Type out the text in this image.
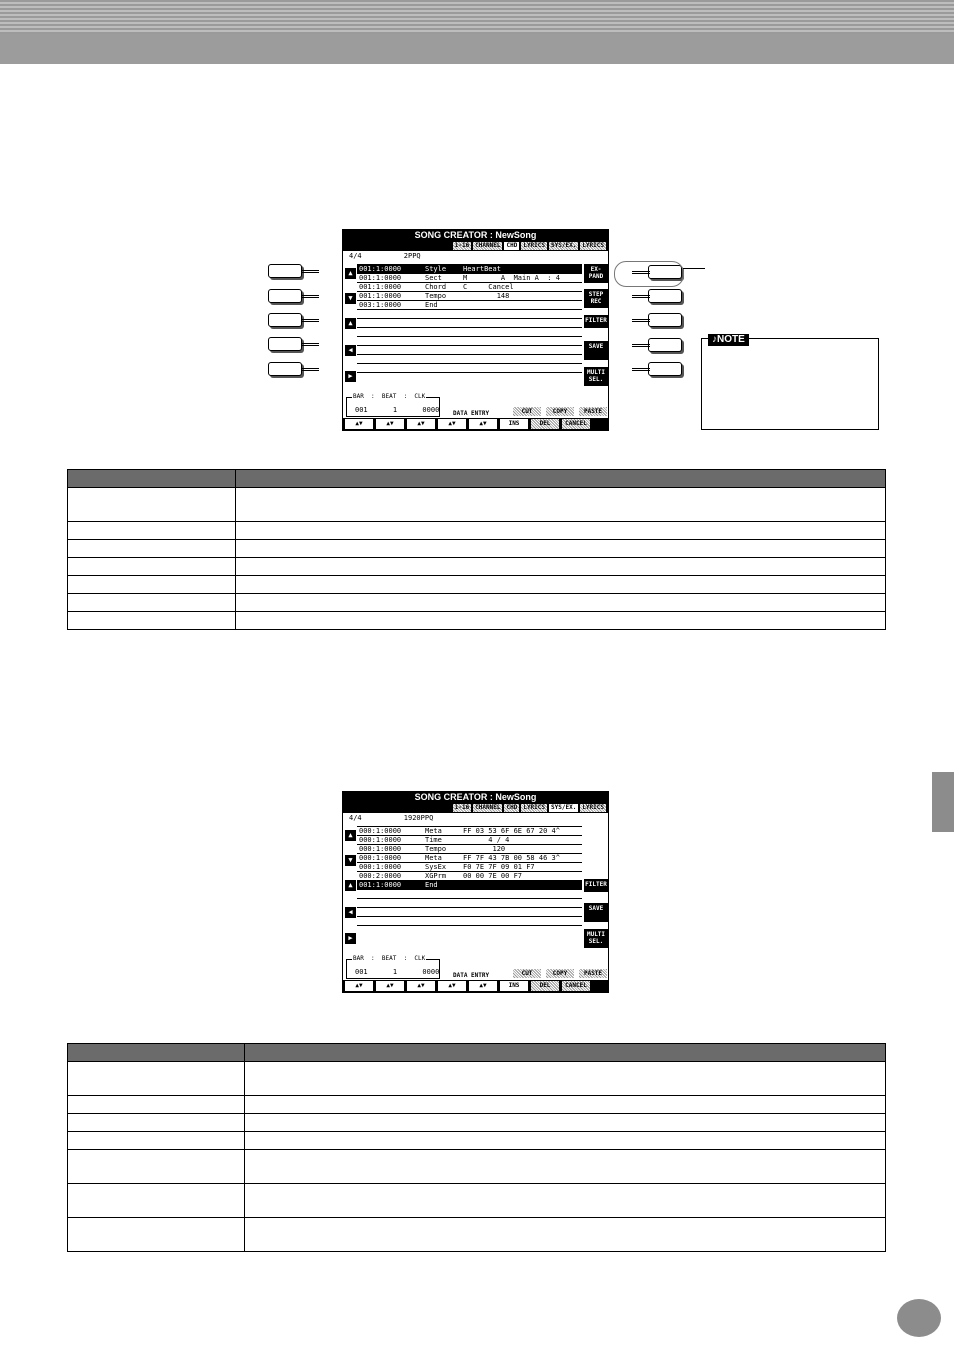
SONG CREATOR : NewSong
1-16	CHANNEL	CHD	LYRICS	SYS/EX.	LYRICS
4/4          2PPQ
▲
▼
▲
◀
▶
001:1:0000	Style	HeartBeat
001:1:0000	Sect	M        A  Main A  : 4
001:1:0000	Chord	C     Cancel
001:1:0000	Tempo	148
003:1:0000	End
EX-PAND
STEP REC
FILTER
SAVE
MULTI SEL.
BAR  :  BEAT  :  CLK
001      1      0000 DATA ENTRY	CUT	COPY	PASTE
▲▼	▲▼	▲▼	▲▼	▲▼	INS	DEL	CANCEL
♪NOTE

SONG CREATOR : NewSong
1-16	CHANNEL	CHD	LYRICS	SYS/EX.	LYRICS
4/4          1920PPQ
▲
▼
▲
◀
▶
000:1:0000	Meta	FF 03 53 6F 6E 67 20 4^
000:1:0000	Time	4 / 4
000:1:0000	Tempo	120
000:1:0000	Meta	FF 7F 43 7B 00 58 46 3^
000:1:0000	SysEx	F0 7E 7F 09 01 F7
000:2:0000	XGPrm	00 00 7E 00 F7
001:1:0000	End	FILTER
SAVE
MULTI SEL.
BAR  :  BEAT  :  CLK
001      1      0000 DATA ENTRY	CUT	COPY	PASTE
▲▼	▲▼	▲▼	▲▼	▲▼	INS	DEL	CANCEL
